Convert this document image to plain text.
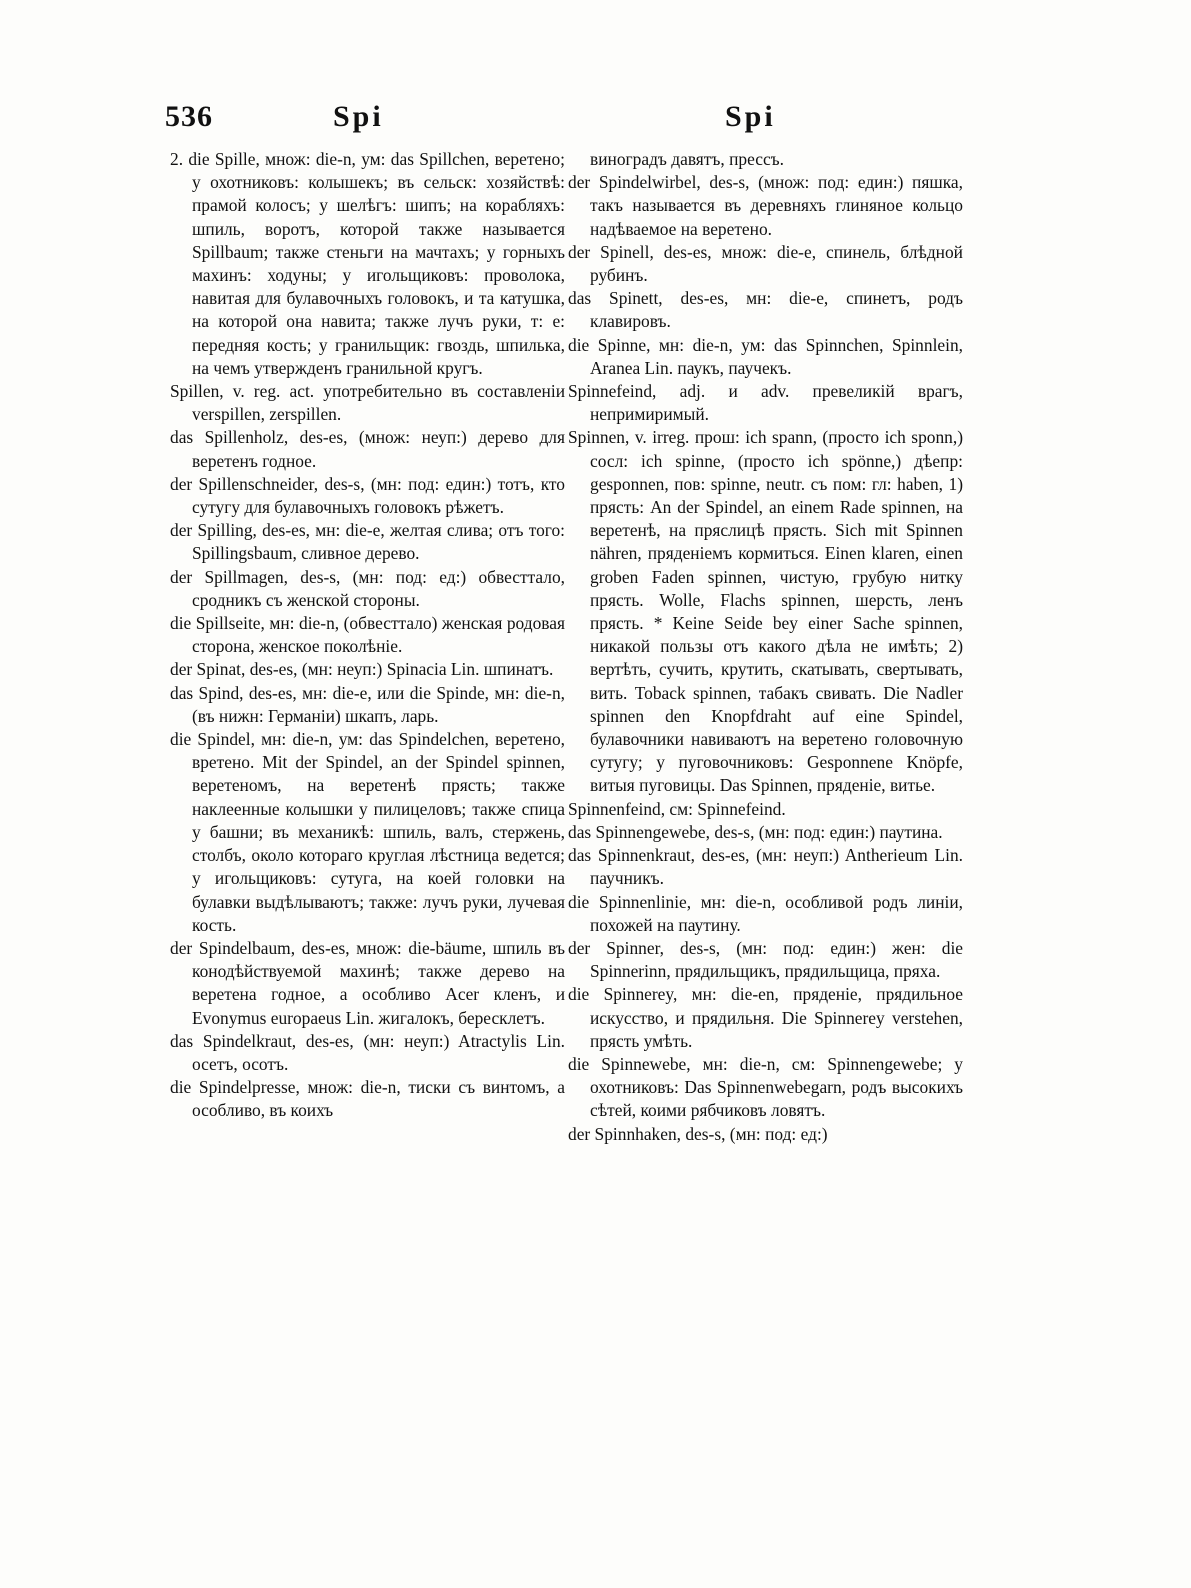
536	Spi	Spi

2. die Spille, множ: die-n, ум: das Spillchen, веретено; у охотниковъ: колышекъ; въ сельск: хозяйствѣ: прамой колосъ; у шелѣгъ: шипъ; на корабляхъ: шпиль, воротъ, которой также называется Spillbaum; также стеньги на мачтахъ; у горныхъ махинъ: ходуны; у игольщиковъ: проволока, навитая для булавочныхъ головокъ, и та катушка, на которой она навита; также лучъ руки, т: е: передняя кость; у гранильщик: гвоздь, шпилька, на чемъ утвержденъ гранильной кругъ.

Spillen, v. reg. act. употребительно въ составленiи verspillen, zerspillen.

das Spillenholz, des-es, (множ: неуп:) дерево для веретенъ годное.

der Spillenschneider, des-s, (мн: под: един:) тотъ, кто сутугу для булавочныхъ головокъ рѣжетъ.

der Spilling, des-es, мн: die-e, желтая слива; отъ того: Spillingsbaum, сливное дерево.

der Spillmagen, des-s, (мн: под: ед:) обвестталo, сродникъ съ женской стороны.

die Spillseite, мн: die-n, (обвестталo) женская родовая сторона, женское поколѣнiе.

der Spinat, des-es, (мн: неуп:) Spinacia Lin. шпинатъ.

das Spind, des-es, мн: die-e, или die Spinde, мн: die-n, (въ нижн: Германiи) шкапъ, ларь.

die Spindel, мн: die-n, ум: das Spindelchen, веретено, вретено. Mit der Spindel, an der Spindel spinnen, веретеномъ, на веретенѣ прясть; также наклеенные колышки у пилицеловъ; также спица у башни; въ механикѣ: шпиль, валъ, стержень, столбъ, около котораго круглая лѣстница ведется; у игольщиковъ: сутуга, на коей головки на булавки выдѣлываютъ; также: лучъ руки, лучевая кость.

der Spindelbaum, des-es, множ: die-bäume, шпиль въ конодѣйствуемой махинѣ; также дерево на веретена годное, а особливо Acer кленъ, и Evonymus europaeus Lin. жигалокъ, бересклетъ.

das Spindelkraut, des-es, (мн: неуп:) Atractylis Lin. осетъ, осотъ.

die Spindelpresse, множ: die-n, тиски съ винтомъ, а особливо, въ коихъ

виноградъ давятъ, прессъ.

der Spindelwirbel, des-s, (множ: под: един:) пяшка, такъ называется въ деревняхъ глиняное кольцо надѣваемое на веретено.

der Spinell, des-es, множ: die-e, спинель, блѣдной рубинъ.

das Spinett, des-es, мн: die-e, спинетъ, родъ клавировъ.

die Spinne, мн: die-n, ум: das Spinnchen, Spinnlein, Aranea Lin. паукъ, паучекъ.

Spinnefeind, adj. и adv. превеликiй врагъ, непримиримый.

Spinnen, v. irreg. прош: ich spann, (просто ich sponn,) сосл: ich spinne, (просто ich spönne,) дѣепр: gesponnen, пов: spinne, neutr. съ пом: гл: haben, 1) прясть: An der Spindel, an einem Rade spinnen, на веретенѣ, на пряслицѣ прясть. Sich mit Spinnen nähren, пряденiемъ кормиться. Einen klaren, einen groben Faden spinnen, чистую, грубую нитку прясть. Wolle, Flachs spinnen, шерсть, ленъ прясть. * Keine Seide bey einer Sache spinnen, никакой пользы отъ какого дѣла не имѣть; 2) вертѣть, сучить, крутить, скатывать, свертывать, вить. Toback spinnen, табакъ свивать. Die Nadler spinnen den Knopfdraht auf eine Spindel, булавочники навиваютъ на веретено головочную сутугу; у пуговочниковъ: Gesponnene Knöpfe, витыя пуговицы. Das Spinnen, пряденiе, витье.

Spinnenfeind, см: Spinnefeind.

das Spinnengewebe, des-s, (мн: под: един:) паутина.

das Spinnenkraut, des-es, (мн: неуп:) Antherieum Lin. паучникъ.

die Spinnenlinie, мн: die-n, особливой родъ линiи, похожей на паутину.

der Spinner, des-s, (мн: под: един:) жен: die Spinnerinn, прядильщикъ, прядильщица, пряха.

die Spinnerey, мн: die-en, пряденiе, прядильное искусство, и прядильня. Die Spinnerey verstehen, прясть умѣть.

die Spinnewebe, мн: die-n, см: Spinnengewebe; у охотниковъ: Das Spinnenwebegarn, родъ высокихъ сѣтей, коими рябчиковъ ловятъ.

der Spinnhaken, des-s, (мн: под: ед:)
